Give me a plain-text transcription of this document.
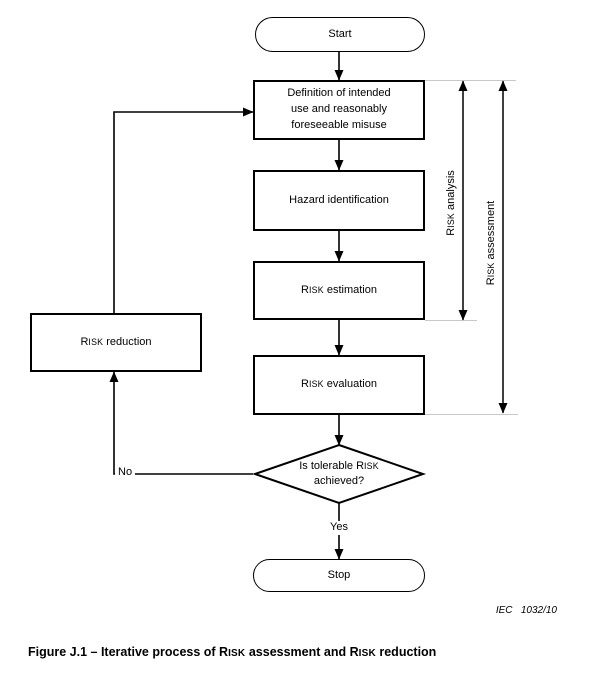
Start
Definition of intended
use and reasonably
foreseeable misuse
Hazard identification
RISK estimation
RISK evaluation
RISK reduction
Is tolerable RISK
achieved?
Stop
No
Yes
RISK analysis
RISK assessment
IEC   1032/10
Figure J.1 – Iterative process of RISK assessment and RISK reduction
